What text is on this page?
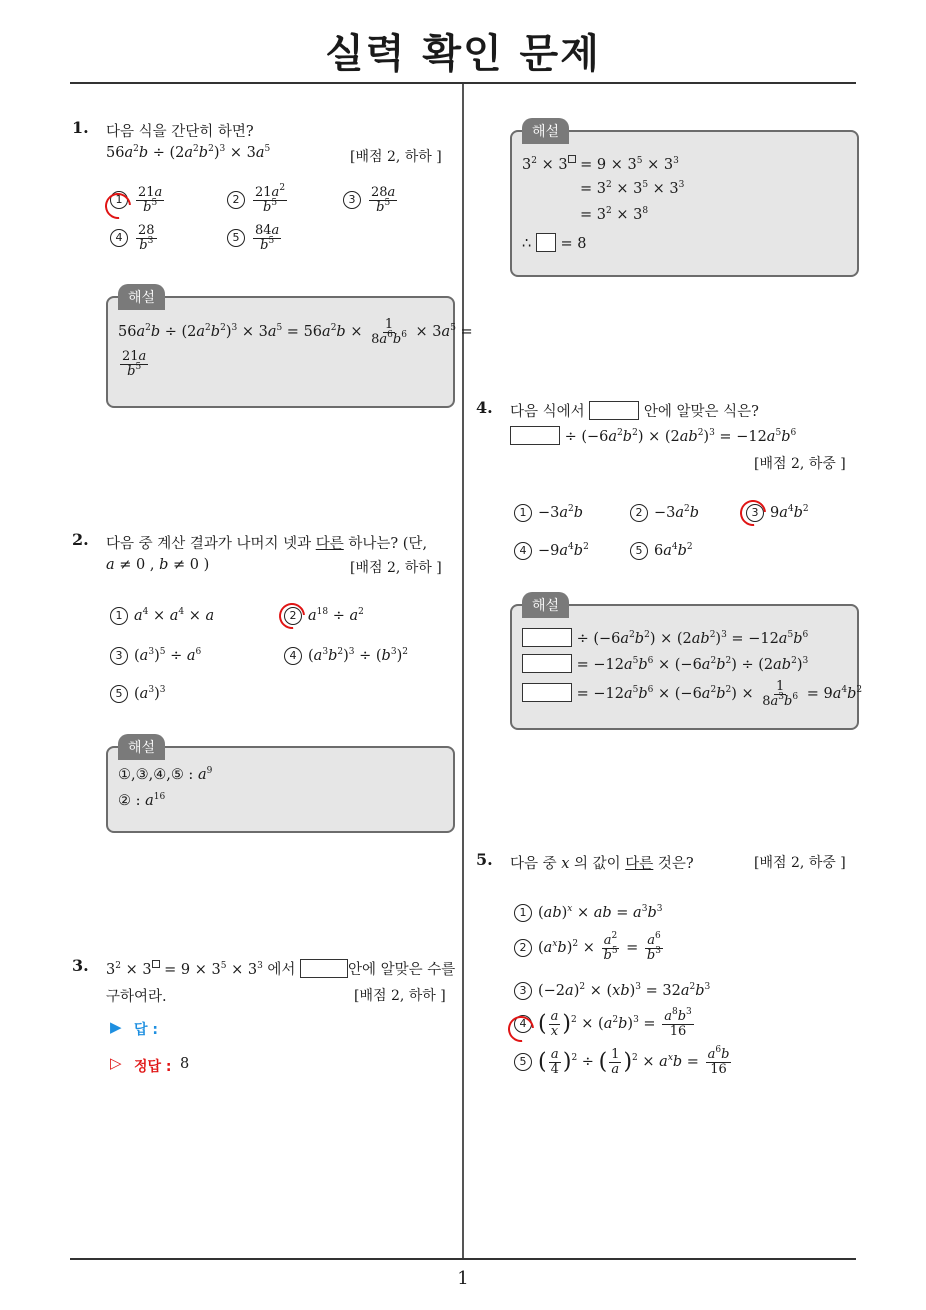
실력 확인 문제
1
1. 다음 식을 간단히 하면?
$56a^2b \div (2a^2b^2)^3 \times 3a^5$	[배점 2, 하하 ]
$1 \frac{21a}{b^5}$	$2 \frac{21a^2}{b^5}$	$3 \frac{28a}{b^5}$
$4 \frac{28}{b^3}$	$5 \frac{84a}{b^5}$
해설
$56a^2b \div (2a^2b^2)^3 \times 3a^5 = 56a^2b \times \frac{1}{8a^6b^6} \times 3a^5$ =
$\frac{21a}{b^5}$
2. 다음 중 계산 결과가 나머지 넷과 다른 하나는? (단,
a ≠ 0 , b ≠ 0 )	[배점 2, 하하 ]
1 $a^4 \times a^4 \times a$	2 $a^{18} \div a^2$
3 $(a^3)^5 \div a^6$	4 $(a^3b^2)^3 \div (b^3)^2$
5 $(a^3)^3$
해설
①,③,④,⑤ : $a^9$
② : $a^{16}$
3. $3^2 \times 3 = 9 \times 3^5 \times 3^3$ 에서	안에 알맞은 수를
구하여라.	[배점 2, 하하 ]
▶ 답 :
▷ 정답 : 8
해설
$3^2 \times 3 = 9 \times 3^5 \times 3^3$
= $3^2 \times 3^5 \times 3^3$
= $3^2 \times 3^8$
∴  = 8
4. 다음 식에서	안에 알맞은 식은?
÷ $(-6a^2b^2) \times (2ab^2)^3 = -12a^5b^6$
[배점 2, 하중 ]
$1 -3a^2b$	$2 -3a^2b$	3 $9a^4b^2$
$4 -9a^4b^2$	5 $6a^4b^2$
해설
÷ $(-6a^2b^2) \times (2ab^2)^3 = -12a^5b^6$
= $-12a^5b^6 \times (-6a^2b^2) \div (2ab^2)^3$
= $-12a^5b^6 \times (-6a^2b^2) \times \frac{1}{8a^3b^6} = 9a^4b^2$
5. 다음 중 x 의 값이 다른 것은?	[배점 2, 하중 ]
1 (ab)$^x$ × ab = $a^3b^3$
2 $(a^xb)^2 \times \frac{a^2}{b^5} = \frac{a^6}{b^3}$
3 $(-2a)^2 \times (xb)^3 = 32a^2b^3$
4 ( $\frac{a}{x} )^2 \times (a^2b)^3 = \frac{a^8b^3}{16}$
5 ( $\frac{a}{4} )^2$ ÷ ( $\frac{1}{a} )^2 \times a^xb = \frac{a^6b}{16}$
